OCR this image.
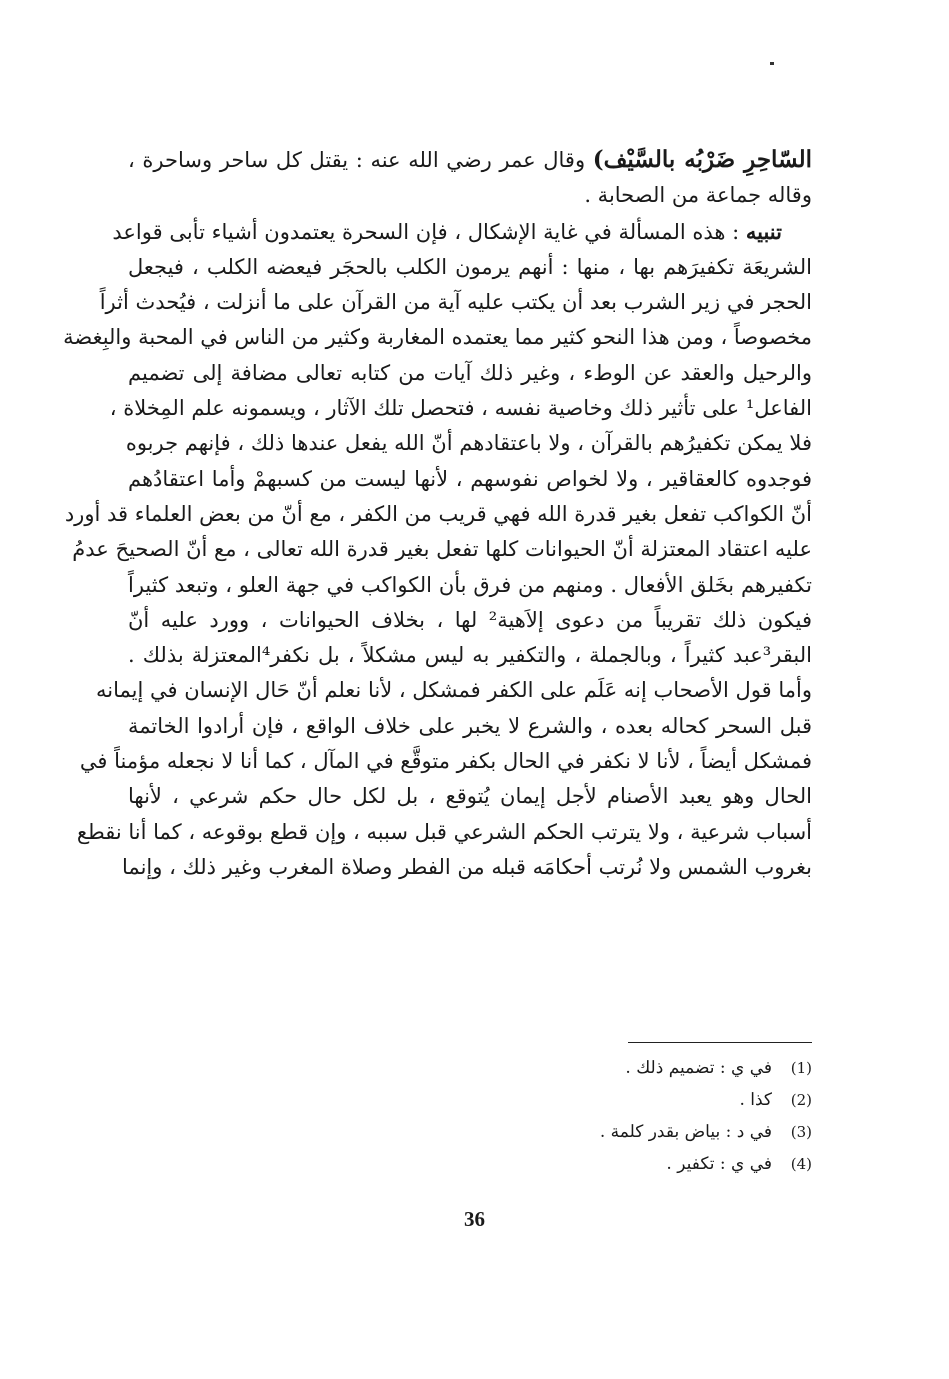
السّاحِرِ ضَرْبُه بالسَّيْف) وقال عمر رضي الله عنه : يقتل كل ساحر وساحرة ،
وقاله جماعة من الصحابة .
تنبيه : هذه المسألة في غاية الإشكال ، فإن السحرة يعتمدون أشياء تأبى قواعد
الشريعَة تكفيرَهم بها ، منها : أنهم يرمون الكلب بالحجَر فيعضه الكلب ، فيجعل
الحجر في زير الشرب بعد أن يكتب عليه آية من القرآن على ما أنزلت ، فيُحدث أثراً
مخصوصاً ، ومن هذا النحو كثير مما يعتمده المغاربة وكثير من الناس في المحبة والبِغضة
والرحيل والعقد عن الوطء ، وغير ذلك آيات من كتابه تعالى مضافة إلى تضميم
الفاعل¹ على تأثير ذلك وخاصية نفسه ، فتحصل تلك الآثار ، ويسمونه علم المِخلاة ،
فلا يمكن تكفيرُهم بالقرآن ، ولا باعتقادهم أنّ الله يفعل عندها ذلك ، فإنهم جربوه
فوجدوه كالعقاقير ، ولا لخواص نفوسهم ، لأنها ليست من كسبهمْ وأما اعتقادُهم
أنّ الكواكب تفعل بغير قدرة الله فهي قريب من الكفر ، مع أنّ من بعض العلماء قد أورد
عليه اعتقاد المعتزلة أنّ الحيوانات كلها تفعل بغير قدرة الله تعالى ، مع أنّ الصحيحَ عدمُ
تكفيرهم بخَلق الأفعال . ومنهم من فرق بأن الكواكب في جهة العلو ، وتبعد كثيراً
فيكون ذلك تقريباً من دعوى إلاَهية² لها ، بخلاف الحيوانات ، وورد عليه أنّ
البقر³عبد كثيراً ، وبالجملة ، والتكفير به ليس مشكلاً ، بل نكفر⁴المعتزلة بذلك .
وأما قول الأصحاب إنه عَلَم على الكفر فمشكل ، لأنا نعلم أنّ حَال الإنسان في إيمانه
قبل السحر كحاله بعده ، والشرع لا يخبر على خلاف الواقع ، فإن أرادوا الخاتمة
فمشكل أيضاً ، لأنا لا نكفر في الحال بكفر متوقَّع في المآل ، كما أنا لا نجعله مؤمناً في
الحال وهو يعبد الأصنام لأجل إيمان يُتوقع ، بل لكل حال حكم شرعي ، لأنها
أسباب شرعية ، ولا يترتب الحكم الشرعي قبل سببه ، وإن قطع بوقوعه ، كما أنا نقطع
بغروب الشمس ولا نُرتب أحكامَه قبله من الفطر وصلاة المغرب وغير ذلك ، وإنما
(1)في ي : تضميم ذلك .
(2)كذا .
(3)في د : بياض بقدر كلمة .
(4)في ي : تكفير .
36
